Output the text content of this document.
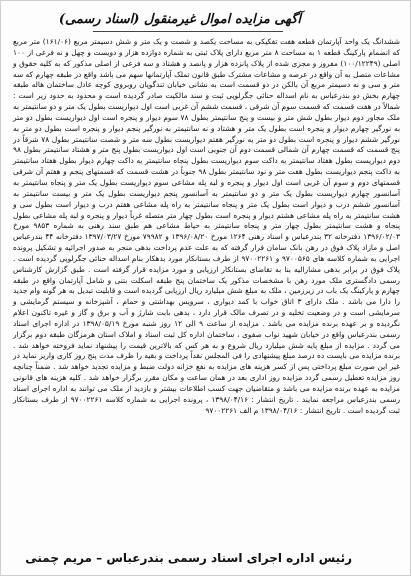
آگهی مزایده اموال غیرمنقول (اسناد رسمی)
ششدانگ یک واحد آپارتمان قطعه هفت تفکیکی به مساحت یکصد و شصت و یک متر و شش دسیمتر مربع (۱۶۱/۰۶) متر مربع که انضمام پارکینگ قطعه ۱ به مساحت ۸ متر مربع دارای پلاک ثبتی به شماره دوازده هزار و دویست و چهل و نه فرعی از ۱۰۰ اصلی (۱۰۰/۱۲۲۴۹) مفروز و مجزی شده از پلاک پانزده هزار و پانصد و هشتاد و سه فرعی از اصلی مذکور که به کلیه حقوق و مشاعات متصل به آن واقع در عرصه و مشاعات مشترک طبق قانون تملک آپارتمانها سهم می باشد واقع در طبقه چهارم که سه متر و سی و نه دسیمتر مربع آن بالکن در دو قسمت است به نشانی خیابان تندگویان روبروی کوچه عادل ساختمان هاله طبقه چهارم بخش دو بندرعباس به نام اسداله حنائی جگرلویی ثبت و سند مالکیت صادر گردیده است و محدود به حدود زیر است : شمالاً در هفت قسمت که قسمت سوم آن شرقی ، قسمت ششم آن غربی است اول دیواریست بطول یک متر و دو سانتیمتر به ملک مجاور دوم دیوار بطول شش متر و بیست و پنج سانتیمتر بطول ۷۸ سوم دیوار و پنجره است اول دیواریست بطول دو متر به نورگیر چهارم دیوار و پنجره است بطول یک متر و هشتاد و نه سانتیمتر به نورگیر پنجم دیوار و پنجره است بطول دو متر به نورگیر ششم دیوار و پنجره است بطول دو متر به نورگیر هفتم دیواریست بطول سه متر و شصت سانتیمتر بطول ۷۸ شرقاً در پنج قسمت که قسمت چهارم آن شمالی قسمت دوم آن جنوبی است اول دیواریست بطول پنج متر و هشتاد سانتیمتر بطول ۹۸ دوم دیواریست بطول هفتاد سانتیمتر به داکت سوم دیواریست بطول پنجاه سانتیمتر به داکت چهارم دیوار بطول هفتاد سانتیمتر به داکت پنجم دیواریست بطول هفت متر و نود سانتیمتر بطول ۹۸ جنوباً در هشت قسمت که قسمتهای پنجم و هفتم آن شرقی قسمتهای دوم و سوم آن غربی است اول دیوار و پنجره و لبه پله مشاعی سوم دیواریست بطول یک متر و پنجاه سانتیمتر به آسانسور چهارم دیواریست بطول یک متر و دو سانتیمتر به آسانسور پنجم دیواریست بطول یک متر و بیست سانتیمتر به آسانسور ششم درب و دیوار است بطول یک متر و پنجاه سانتیمتر به راه پله مشاعی هفتم درب و دیوار است بطول سی و هشت سانتیمتر به راه پله مشاعی هشتم دیوار و پنجره است بطول چهار متر متصله غرباً دیوار و پنجره و لبه پله مشاعی بطول پنجاه و هشت سانتیمتر بطول چهار متر و پنجاه سانتیمتر به حیاط مشاعی هم طبق سند رهنی به شماره ۹۸۵۳ مورخ ۱۳۹۶/۰۲/۰۳ دفترخانه ۳۲ بندرعباس و اسناد رهنی ۱۲۶۴ مورخ ۱۳۹۶/۰۸/۲۰ و ۷۹۹۸۲ مورخ ۱۳۹۷/۰۳/۲۷ دفترخانه ۴۴ بندرعباس اصل و مازاد پلاک فوق در رهن بانک سامان قرار گرفته که به علت عدم پرداخت بدهی منجر به صدور اجرائیه و تشکیل پرونده اجرایی به شماره کلاسه های ۹۷۰۰۵۶۵ و ۹۷۰۰۲۲۶۱ از طرف بستانکار مورد بدهکار بنام اسداله حنائی جگرلویی گردیده است . پلاک فوق در برابر بدهی مشارالیه بنا به تقاضای بستانکار ارزیابی و مورد مزایده قرار گرفته است . طبق گزارش کارشناس رسمی دادگستری ملک مورد رهن با مشخصات مذکور یک ساختمان پنج طبقه اسکلت بتنی و شامل آپارتمان واقع در طبقه چهارم و پارکینگ یک باب در زیرزمین ، ملک به مبلغ شش میلیارد ریال ارزیابی گردیده است و قابلیت تبدیل به هر گونه وام جدید را دارا می باشد . ملک دارای ۳ اتاق خواب با کمد دیواری ، سرویس بهداشتی و حمام ، آشپزخانه و سیستم گرمایشی و سرمایشی است و در وضعیت تخلیه و در تصرف مالک قرار دارد ، بدهی بابت شارژ و آب و برق و گاز و غیره تاکنون اعلام نگردیده و بر عهده برنده مزایده می باشد . مزایده از ساعت ۹ الی ۱۲ روز شنبه مورخ ۱۳۹۸/۰۵/۱۹ در اداره اجرای اسناد رسمی بندرعباس واقع در خیابان شهید نواب صفوی ، ساختمان اداره کل ثبت اسناد و املاک استان هرمزگان طبقه دوم برگزار می گردد . مزایده از مبلغ پایه شش میلیارد ریال شروع و به هر کس که بالاترین قیمت را پیشنهاد نماید فروخته خواهد شد . برنده مزایده می بایست ده درصد مبلغ پیشنهادی را فی المجلس نقداً پرداخت و بقیه را ظرف مدت پنج روز کاری واریز نماید در غیر این صورت مبلغ پرداختی پس از کسر هزینه های مزایده به نفع خزانه دولت ضبط و مزایده تجدید خواهد شد . ضمناً چنانچه روز مزایده تعطیل رسمی گردد مزایده روز اداری بعد در همان ساعت و مکان مقرر برگزار خواهد شد . کلیه هزینه های قانونی مزایده به عهده برنده مزایده می باشد و متقاضیان جهت کسب اطلاعات بیشتر و بازدید از ملک می توانند به اداره اجرای اسناد رسمی بندرعباس مراجعه نمایند . تاریخ انتشار : ۱۳۹۸/۰۴/۱۶ ، پرونده اجرایی به شماره کلاسه ۹۷۰۰۲۲۶۱ از طرف بستانکار ثبت گردیده است . تاریخ انتشار : ۱۳۹۸/۰۴/۱۶ م الف ۹۷۰۰۲۲۶۱
رئیس اداره اجرای اسناد رسمی بندرعباس – مریم چمنی
